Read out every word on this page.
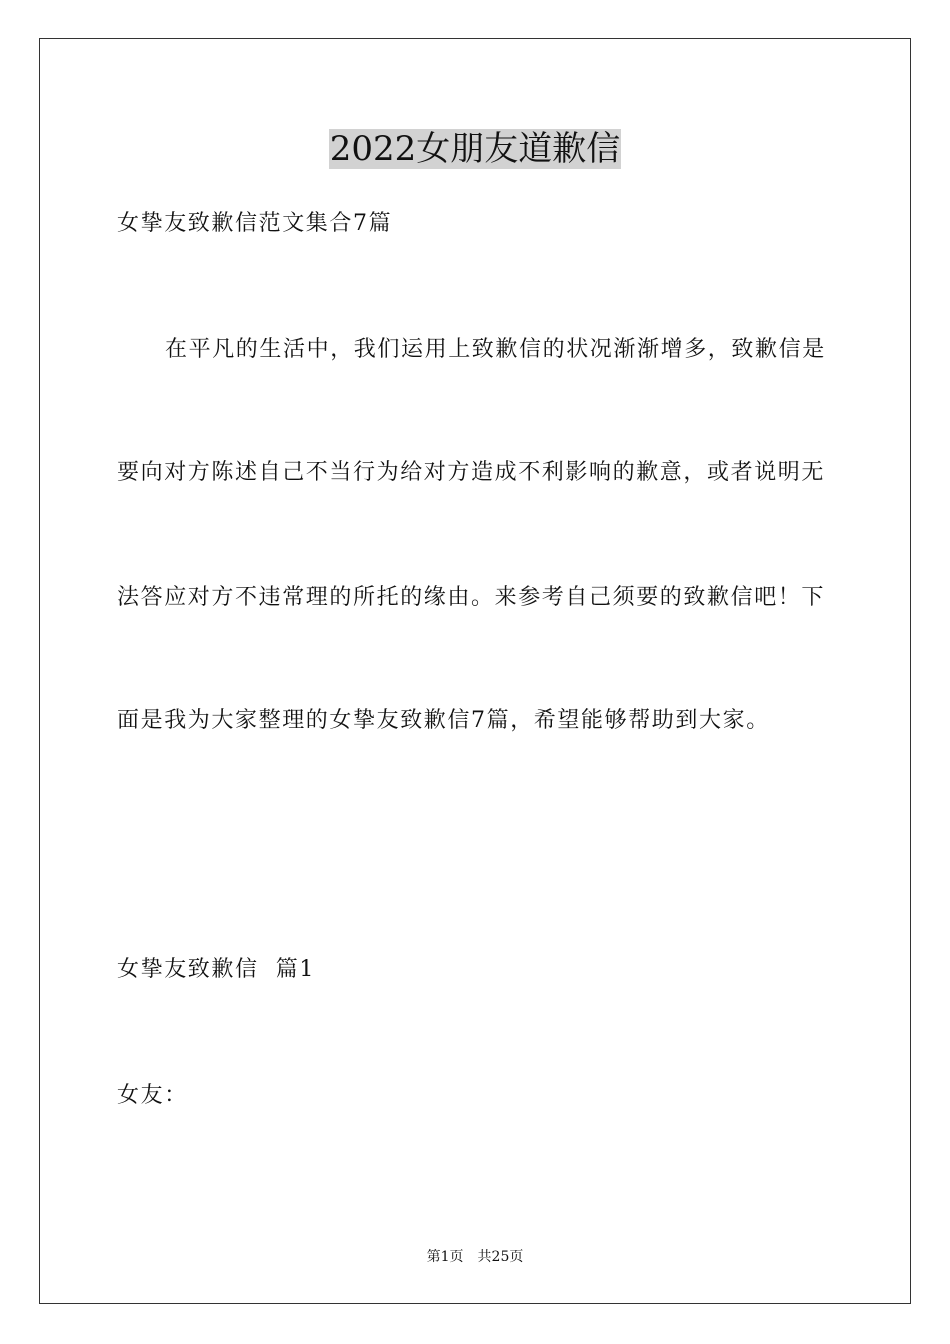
2022女朋友道歉信
女挚友致歉信范文集合7篇
在平凡的生活中，我们运用上致歉信的状况渐渐增多，致歉信是
要向对方陈述自己不当行为给对方造成不利影响的歉意，或者说明无
法答应对方不违常理的所托的缘由。来参考自己须要的致歉信吧！下
面是我为大家整理的女挚友致歉信7篇，希望能够帮助到大家。
女挚友致歉信  篇1
女友：
第1页 共25页
